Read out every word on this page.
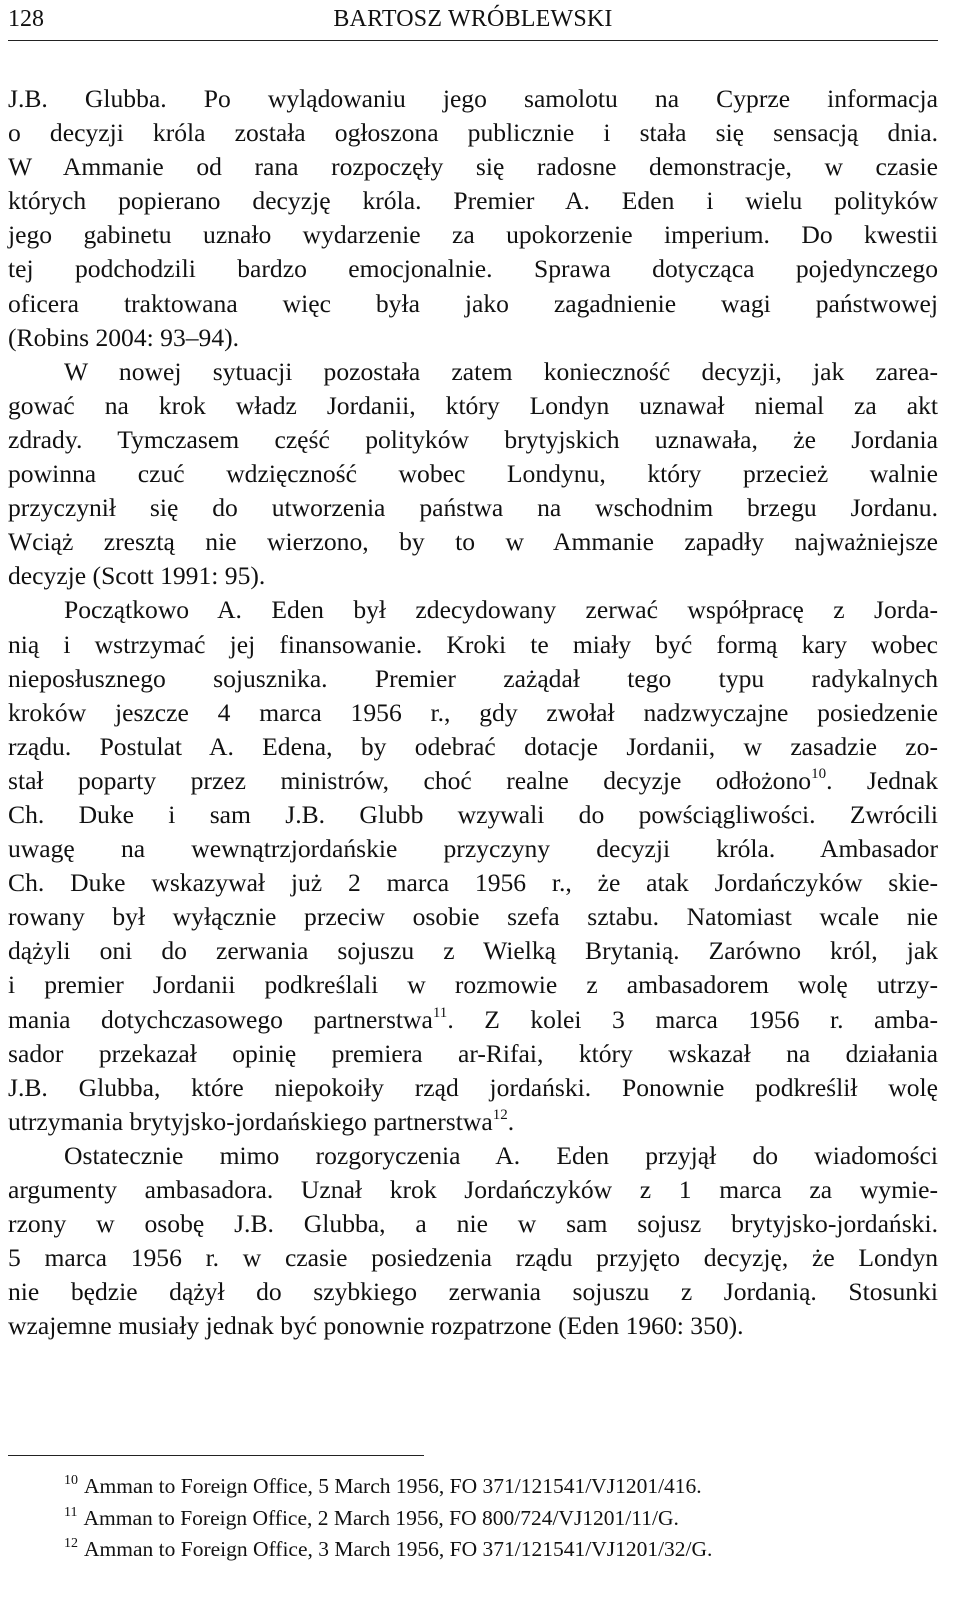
128	BARTOSZ WRÓBLEWSKI
J.B. Glubba. Po wylądowaniu jego samolotu na Cyprze informacja
o decyzji króla została ogłoszona publicznie i stała się sensacją dnia.
W Ammanie od rana rozpoczęły się radosne demonstracje, w czasie
których popierano decyzję króla. Premier A. Eden i wielu polityków
jego gabinetu uznało wydarzenie za upokorzenie imperium. Do kwestii
tej podchodzili bardzo emocjonalnie. Sprawa dotycząca pojedynczego
oficera traktowana więc była jako zagadnienie wagi państwowej
(Robins 2004: 93–94).
W nowej sytuacji pozostała zatem konieczność decyzji, jak zarea-
gować na krok władz Jordanii, który Londyn uznawał niemal za akt
zdrady. Tymczasem część polityków brytyjskich uznawała, że Jordania
powinna czuć wdzięczność wobec Londynu, który przecież walnie
przyczynił się do utworzenia państwa na wschodnim brzegu Jordanu.
Wciąż zresztą nie wierzono, by to w Ammanie zapadły najważniejsze
decyzje (Scott 1991: 95).
Początkowo A. Eden był zdecydowany zerwać współpracę z Jorda-
nią i wstrzymać jej finansowanie. Kroki te miały być formą kary wobec
nieposłusznego sojusznika. Premier zażądał tego typu radykalnych
kroków jeszcze 4 marca 1956 r., gdy zwołał nadzwyczajne posiedzenie
rządu. Postulat A. Edena, by odebrać dotacje Jordanii, w zasadzie zo-
stał poparty przez ministrów, choć realne decyzje odłożono$^{10}$. Jednak
Ch. Duke i sam J.B. Glubb wzywali do powściągliwości. Zwrócili
uwagę na wewnątrzjordańskie przyczyny decyzji króla. Ambasador
Ch. Duke wskazywał już 2 marca 1956 r., że atak Jordańczyków skie-
rowany był wyłącznie przeciw osobie szefa sztabu. Natomiast wcale nie
dążyli oni do zerwania sojuszu z Wielką Brytanią. Zarówno król, jak
i premier Jordanii podkreślali w rozmowie z ambasadorem wolę utrzy-
mania dotychczasowego partnerstwa$^{11}$. Z kolei 3 marca 1956 r. amba-
sador przekazał opinię premiera ar-Rifai, który wskazał na działania
J.B. Glubba, które niepokoiły rząd jordański. Ponownie podkreślił wolę
utrzymania brytyjsko-jordańskiego partnerstwa$^{12}$.
Ostatecznie mimo rozgoryczenia A. Eden przyjął do wiadomości
argumenty ambasadora. Uznał krok Jordańczyków z 1 marca za wymie-
rzony w osobę J.B. Glubba, a nie w sam sojusz brytyjsko-jordański.
5 marca 1956 r. w czasie posiedzenia rządu przyjęto decyzję, że Londyn
nie będzie dążył do szybkiego zerwania sojuszu z Jordanią. Stosunki
wzajemne musiały jednak być ponownie rozpatrzone (Eden 1960: 350).
$^{10}$ Amman to Foreign Office, 5 March 1956, FO 371/121541/VJ1201/416.
$^{11}$ Amman to Foreign Office, 2 March 1956, FO 800/724/VJ1201/11/G.
$^{12}$ Amman to Foreign Office, 3 March 1956, FO 371/121541/VJ1201/32/G.
